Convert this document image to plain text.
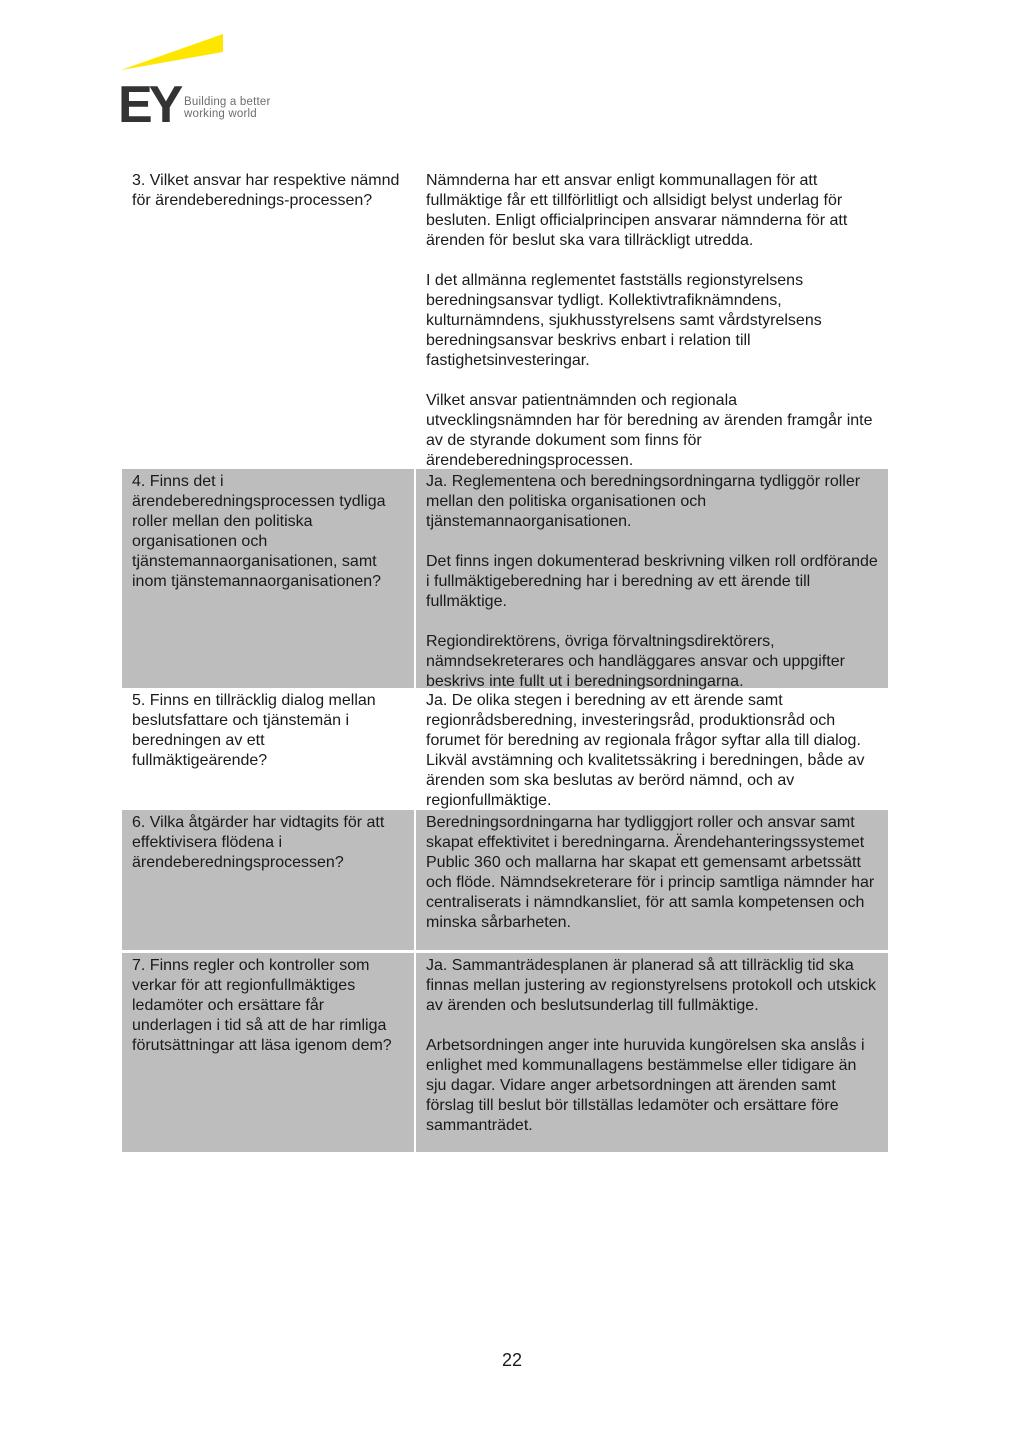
EY Building a better
working world

3. Vilket ansvar har respektive nämnd för ärendeberednings-processen?

Nämnderna har ett ansvar enligt kommunallagen för att fullmäktige får ett tillförlitligt och allsidigt belyst underlag för besluten. Enligt officialprincipen ansvarar nämnderna för att ärenden för beslut ska vara tillräckligt utredda.

I det allmänna reglementet fastställs regionstyrelsens beredningsansvar tydligt. Kollektivtrafiknämndens, kulturnämndens, sjukhusstyrelsens samt vårdstyrelsens beredningsansvar beskrivs enbart i relation till fastighetsinvesteringar.

Vilket ansvar patientnämnden och regionala utvecklingsnämnden har för beredning av ärenden framgår inte av de styrande dokument som finns för ärendeberedningsprocessen.

4. Finns det i ärendeberedningsprocessen tydliga roller mellan den politiska organisationen och tjänstemannaorganisationen, samt inom tjänstemannaorganisationen?

Ja. Reglementena och beredningsordningarna tydliggör roller mellan den politiska organisationen och tjänstemannaorganisationen.

Det finns ingen dokumenterad beskrivning vilken roll ordförande i fullmäktigeberedning har i beredning av ett ärende till fullmäktige.

Regiondirektörens, övriga förvaltningsdirektörers, nämndsekreterares och handläggares ansvar och uppgifter beskrivs inte fullt ut i beredningsordningarna.

5. Finns en tillräcklig dialog mellan beslutsfattare och tjänstemän i beredningen av ett fullmäktigeärende?

Ja. De olika stegen i beredning av ett ärende samt regionrådsberedning, investeringsråd, produktionsråd och forumet för beredning av regionala frågor syftar alla till dialog. Likväl avstämning och kvalitetssäkring i beredningen, både av ärenden som ska beslutas av berörd nämnd, och av regionfullmäktige.

6. Vilka åtgärder har vidtagits för att effektivisera flödena i ärendeberedningsprocessen?

Beredningsordningarna har tydliggjort roller och ansvar samt skapat effektivitet i beredningarna. Ärendehanteringssystemet Public 360 och mallarna har skapat ett gemensamt arbetssätt och flöde. Nämndsekreterare för i princip samtliga nämnder har centraliserats i nämndkansliet, för att samla kompetensen och minska sårbarheten.

7. Finns regler och kontroller som verkar för att regionfullmäktiges ledamöter och ersättare får underlagen i tid så att de har rimliga förutsättningar att läsa igenom dem?

Ja. Sammanträdesplanen är planerad så att tillräcklig tid ska finnas mellan justering av regionstyrelsens protokoll och utskick av ärenden och beslutsunderlag till fullmäktige.

Arbetsordningen anger inte huruvida kungörelsen ska anslås i enlighet med kommunallagens bestämmelse eller tidigare än sju dagar. Vidare anger arbetsordningen att ärenden samt förslag till beslut bör tillställas ledamöter och ersättare före sammanträdet.

22
